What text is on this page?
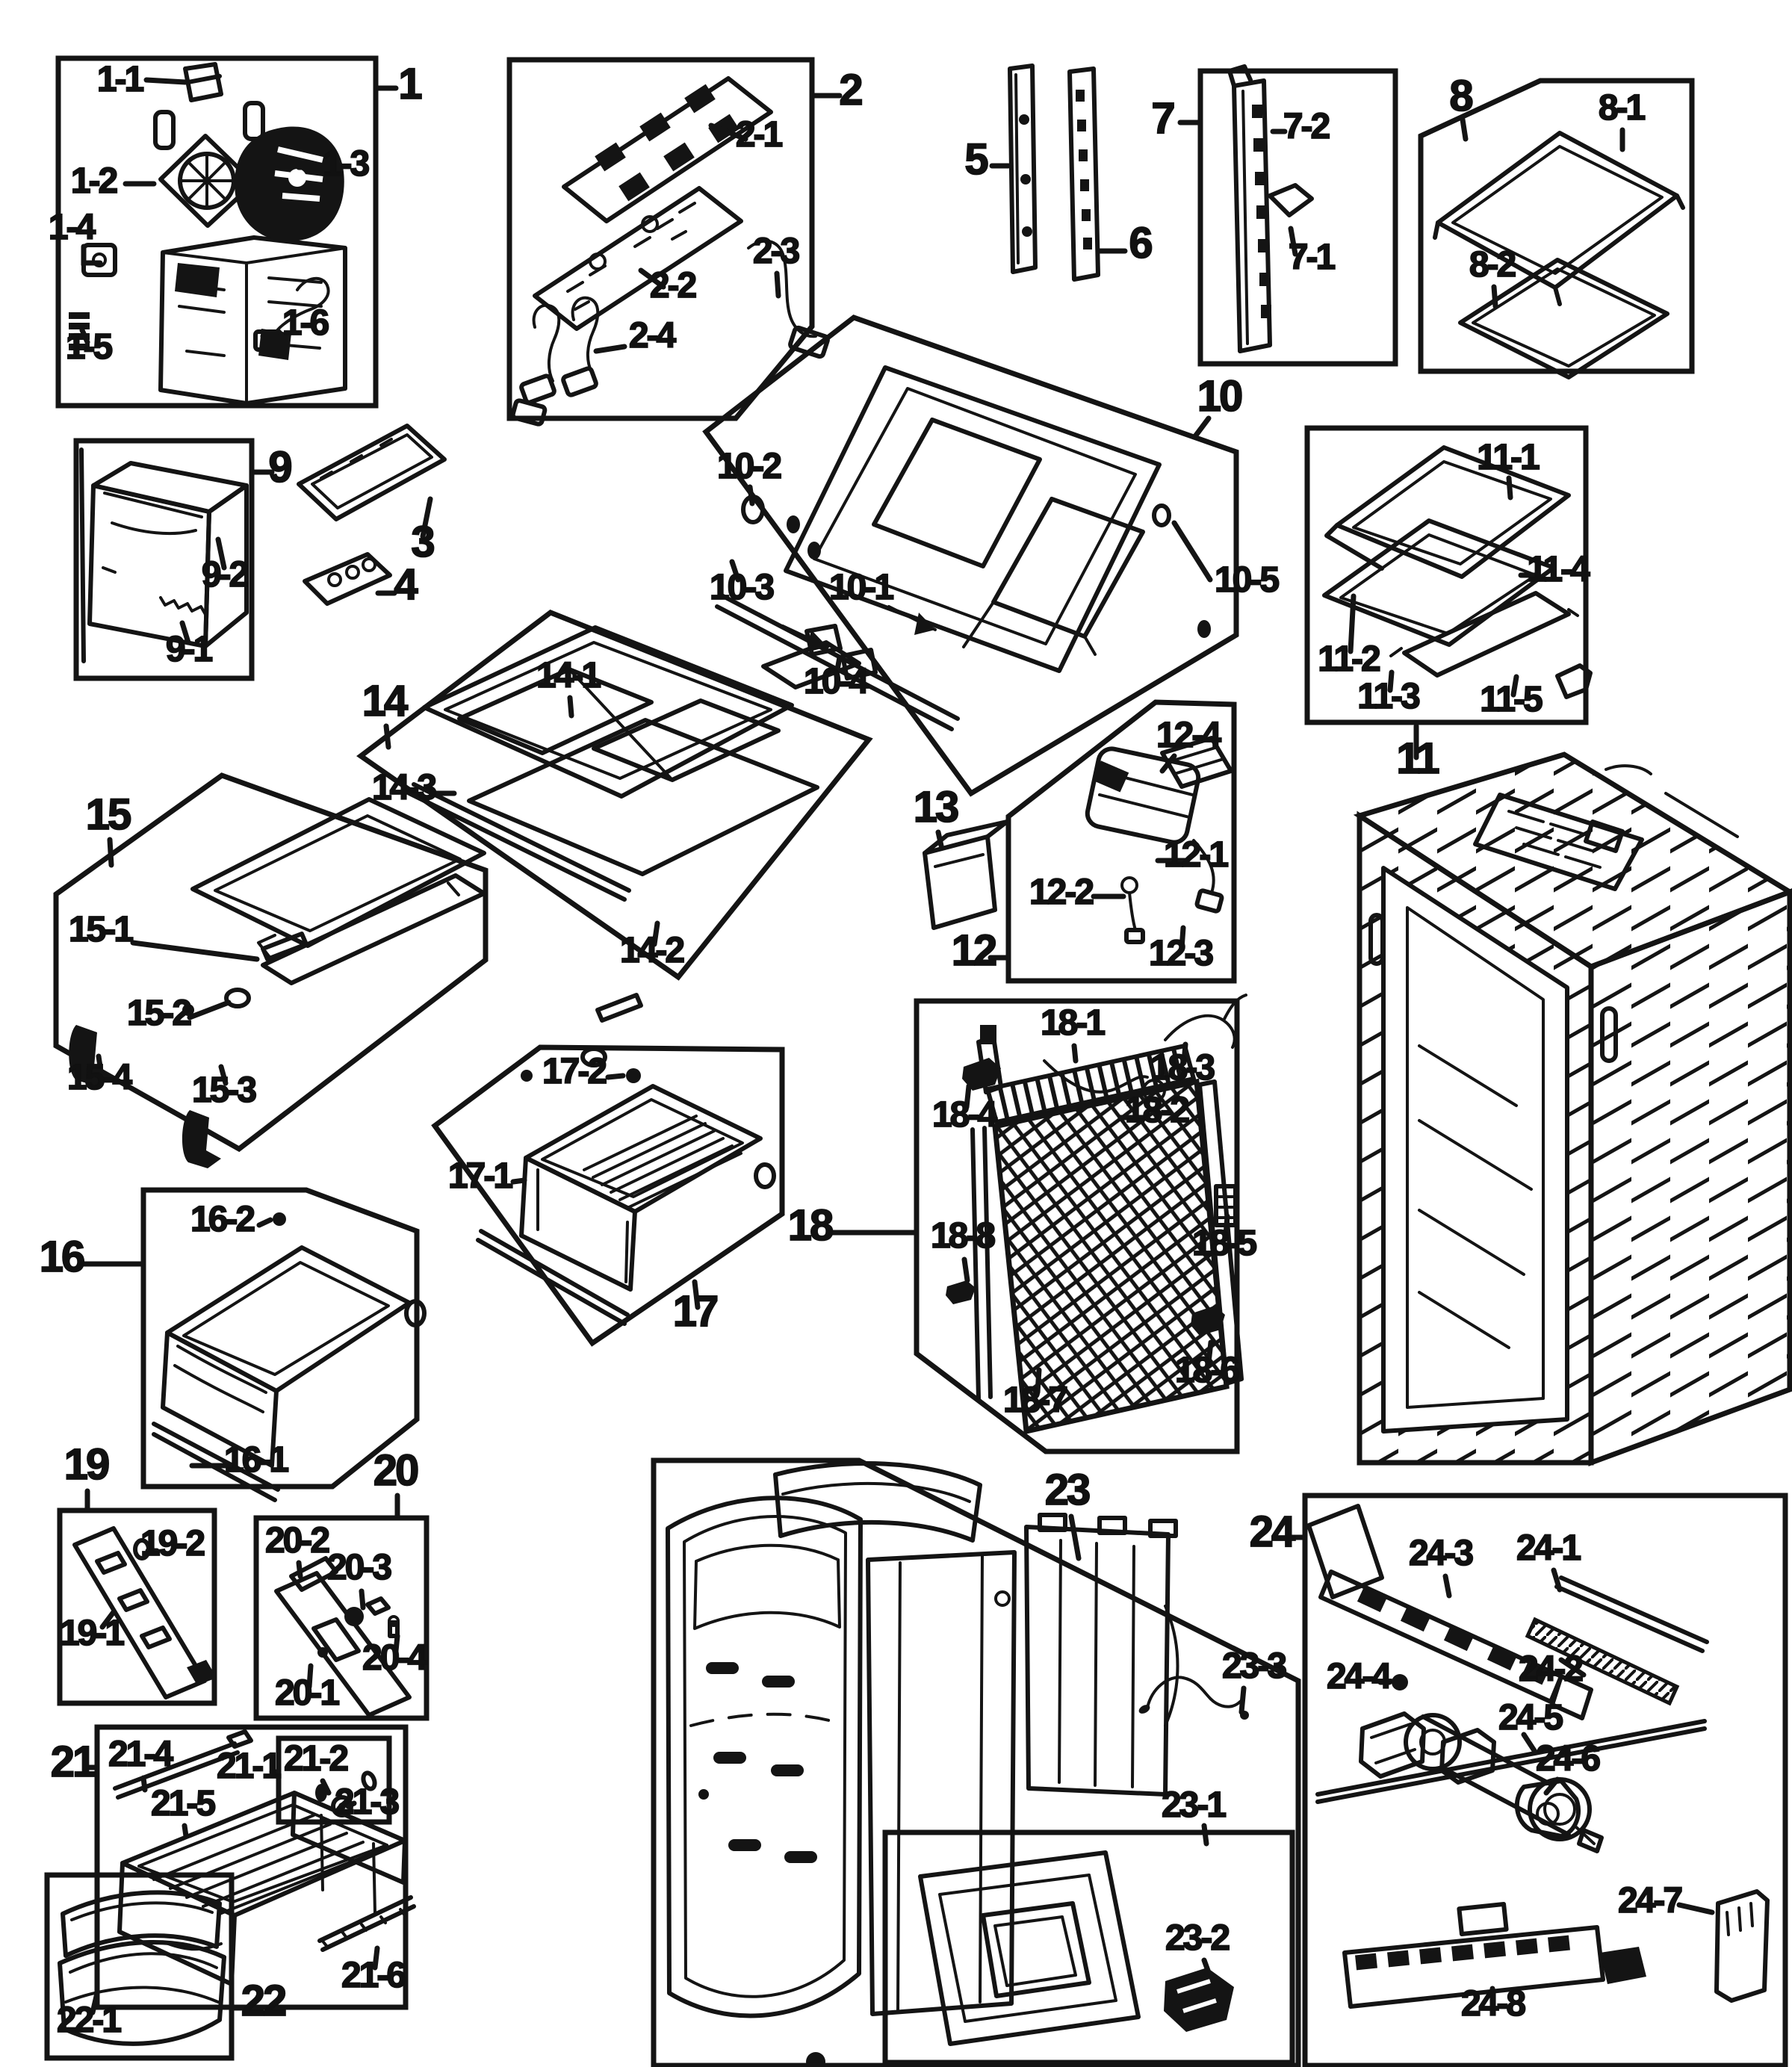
1
1-1
1-2	1-3
1-4
1-5
1-6
2
2-1
2-2
2-3
2-4
3
4
5
6
7	7-2
7-1
8	8-1
8-2
9
9-2
9-1
10
10-2
10-3 10-1
10-4
10-5
11
11-1
11-4
11-2
11-3 11-5
12
12-4
12-1
12-2
12-3
13
14
14-1
14-3
14-2
15
15-1
15-2
15-4 15-3
16
16-2
16-1
17-2
17-1
17
18
18-1
18-3
18-4	18-2
18-5
18-8
18-6
18-7
19
19-2
19-1
20
20-2
20-3
20-4
20-1
21 21-4 21-1 21-2
21-3
21-5
21-6
22
22-1
23
23-3
23-1
23-2
24	24-3 24-1
24-2
24-4
24-5
24-6
24-7
24-8
